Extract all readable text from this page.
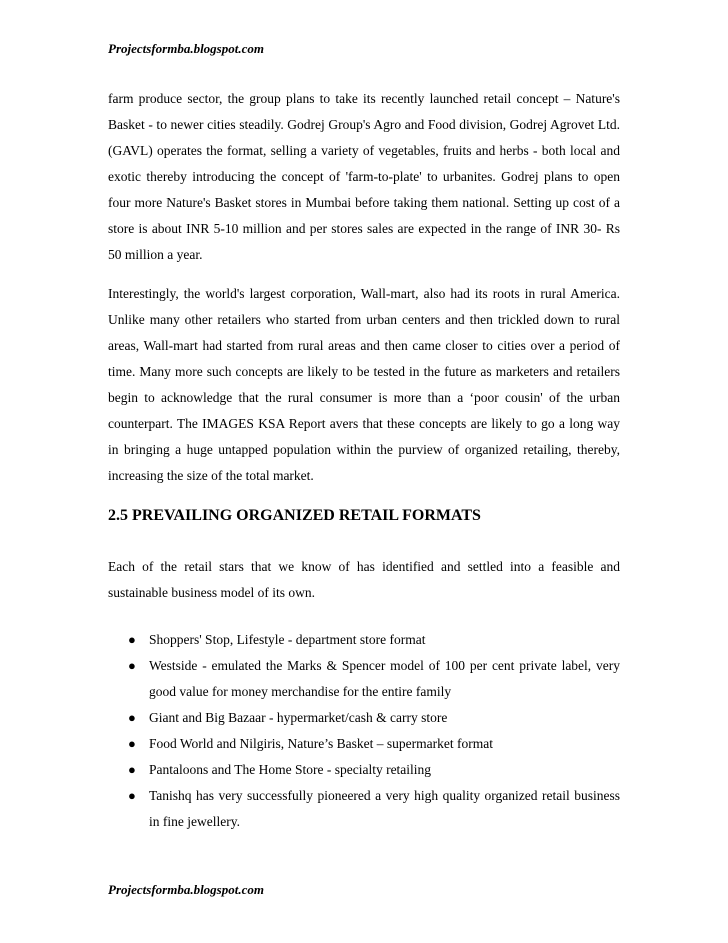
Projectsformba.blogspot.com

farm produce sector, the group plans to take its recently launched retail concept – Nature's Basket - to newer cities steadily. Godrej Group's Agro and Food division, Godrej Agrovet Ltd. (GAVL) operates the format, selling a variety of vegetables, fruits and herbs - both local and exotic thereby introducing the concept of 'farm-to-plate' to urbanites. Godrej plans to open four more Nature's Basket stores in Mumbai before taking them national. Setting up cost of a store is about INR 5-10 million and per stores sales are expected in the range of INR 30- Rs 50 million a year.

Interestingly, the world's largest corporation, Wall-mart, also had its roots in rural America. Unlike many other retailers who started from urban centers and then trickled down to rural areas, Wall-mart had started from rural areas and then came closer to cities over a period of time. Many more such concepts are likely to be tested in the future as marketers and retailers begin to acknowledge that the rural consumer is more than a ‘poor cousin' of the urban counterpart. The IMAGES KSA Report avers that these concepts are likely to go a long way in bringing a huge untapped population within the purview of organized retailing, thereby, increasing the size of the total market.

2.5 PREVAILING ORGANIZED RETAIL FORMATS

Each of the retail stars that we know of has identified and settled into a feasible and sustainable business model of its own.

● Shoppers' Stop, Lifestyle - department store format
● Westside - emulated the Marks & Spencer model of 100 per cent private label, very    good value for money merchandise for the entire family
● Giant and Big Bazaar - hypermarket/cash & carry store
● Food World and Nilgiris, Nature’s Basket – supermarket format
● Pantaloons and The Home Store - specialty retailing
● Tanishq has very successfully pioneered a very high quality organized retail business in fine jewellery.
Projectsformba.blogspot.com
